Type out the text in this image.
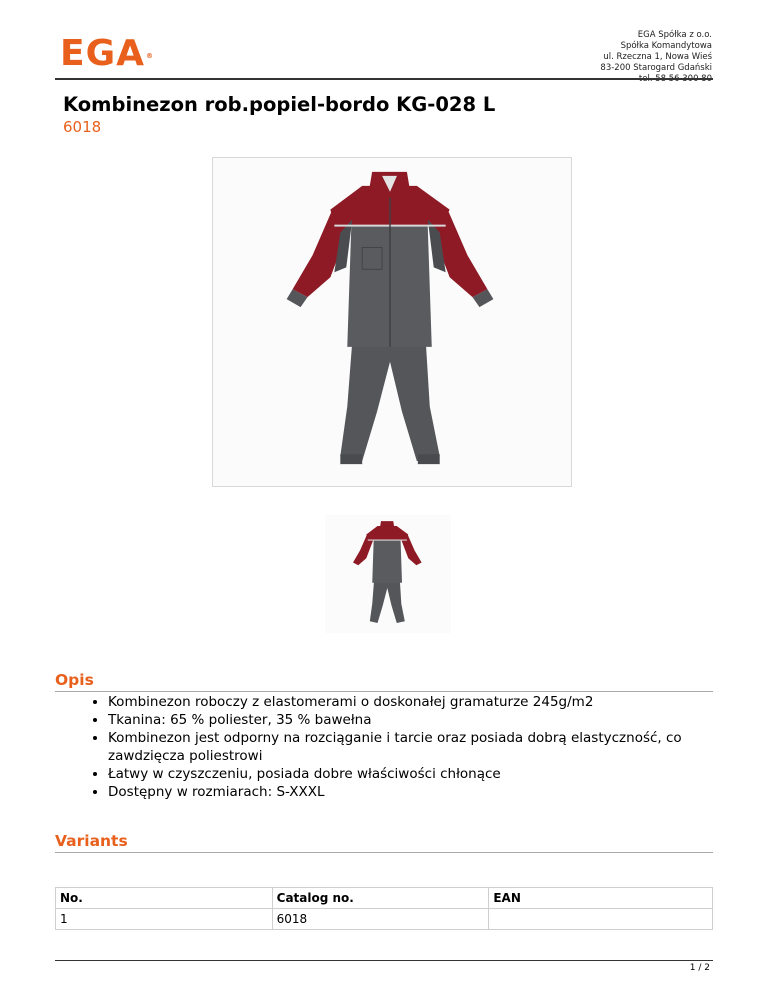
EGA®
EGA Spółka z o.o.
Spółka Komandytowa
ul. Rzeczna 1, Nowa Wieś
83-200 Starogard Gdański
tel. 58 56 300 80
Kombinezon rob.popiel-bordo KG-028 L
6018
Opis
• Kombinezon roboczy z elastomerami o doskonałej gramaturze 245g/m2
• Tkanina: 65 % poliester, 35 % bawełna
• Kombinezon jest odporny na rozciąganie i tarcie oraz posiada dobrą elastyczność, co zawdzięcza poliestrowi
• Łatwy w czyszczeniu, posiada dobre właściwości chłonące
• Dostępny w rozmiarach: S-XXXL
Variants
No.	Catalog no.	EAN
1	6018	
1 / 2
